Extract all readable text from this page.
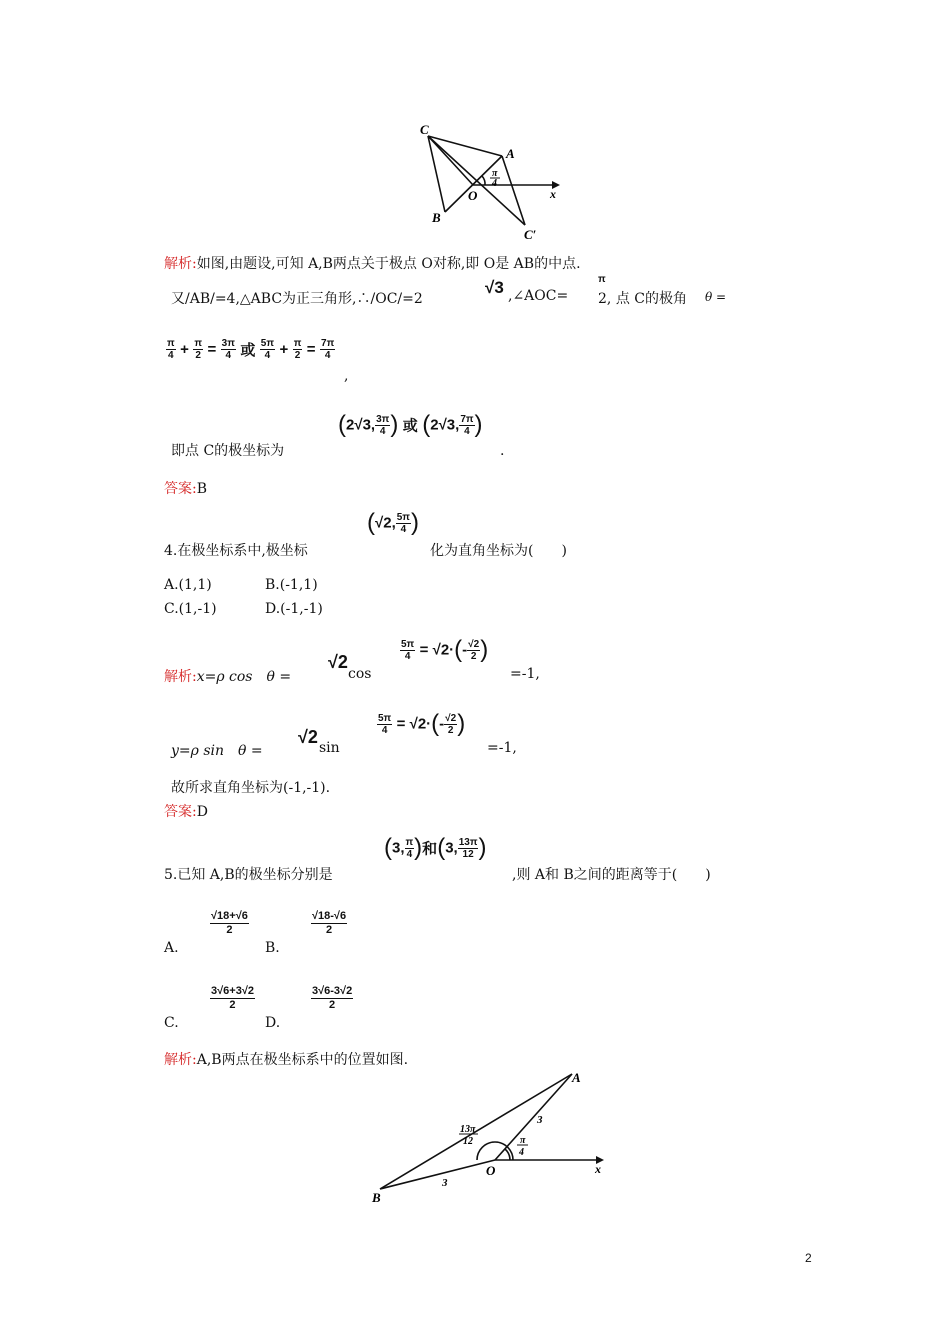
C
A
O
B
C′
x
π
4
解析:如图,由题设,可知 A,B两点关于极点 O对称,即 O是 AB的中点.
又/AB/=4,△ABC为正三角形,∴/OC/=2
√3 ,∠AOC=
π
2, 点 C的极角 θ =
$\frac{\pi}{4} + \frac{\pi}{2} = \frac{3\pi}{4}$ 或 $\frac{5\pi}{4} + \frac{\pi}{2} = \frac{7\pi}{4}$
,
(2√3, $\frac{3\pi}{4}$ ) 或 (2√3, $\frac{7\pi}{4}$ )
即点 C的极坐标为	.
答案:B
(√2, $\frac{5\pi}{4}$ )
4.在极坐标系中,极坐标	化为直角坐标为(　　)
A.(1,1)	B.(-1,1)
C.(1,-1)	D.(-1,-1)
解析:x=ρ cos　θ =
√2
cos
$\frac{5\pi}{4} = √2\cdot(- \frac{√2}{2}$ )
=-1,
y=ρ sin　θ =
√2
sin
$\frac{5\pi}{4} = √2\cdot(- \frac{√2}{2}$ )
=-1,
故所求直角坐标为(-1,-1).
答案:D
(3, $\frac{\pi}{4}$ )和(3, $\frac{13\pi}{12}$ )
5.已知 A,B的极坐标分别是	,则 A和 B之间的距离等于(　　)
$\frac{√18+√6}{2}$
A.
$\frac{√18-√6}{2}$
B.
$\frac{3√6+3√2}{2}$
C.
$\frac{3√6-3√2}{2}$
D.
解析:A,B两点在极坐标系中的位置如图.
A
B
O	x
3
3
13π
12	π
4
2
